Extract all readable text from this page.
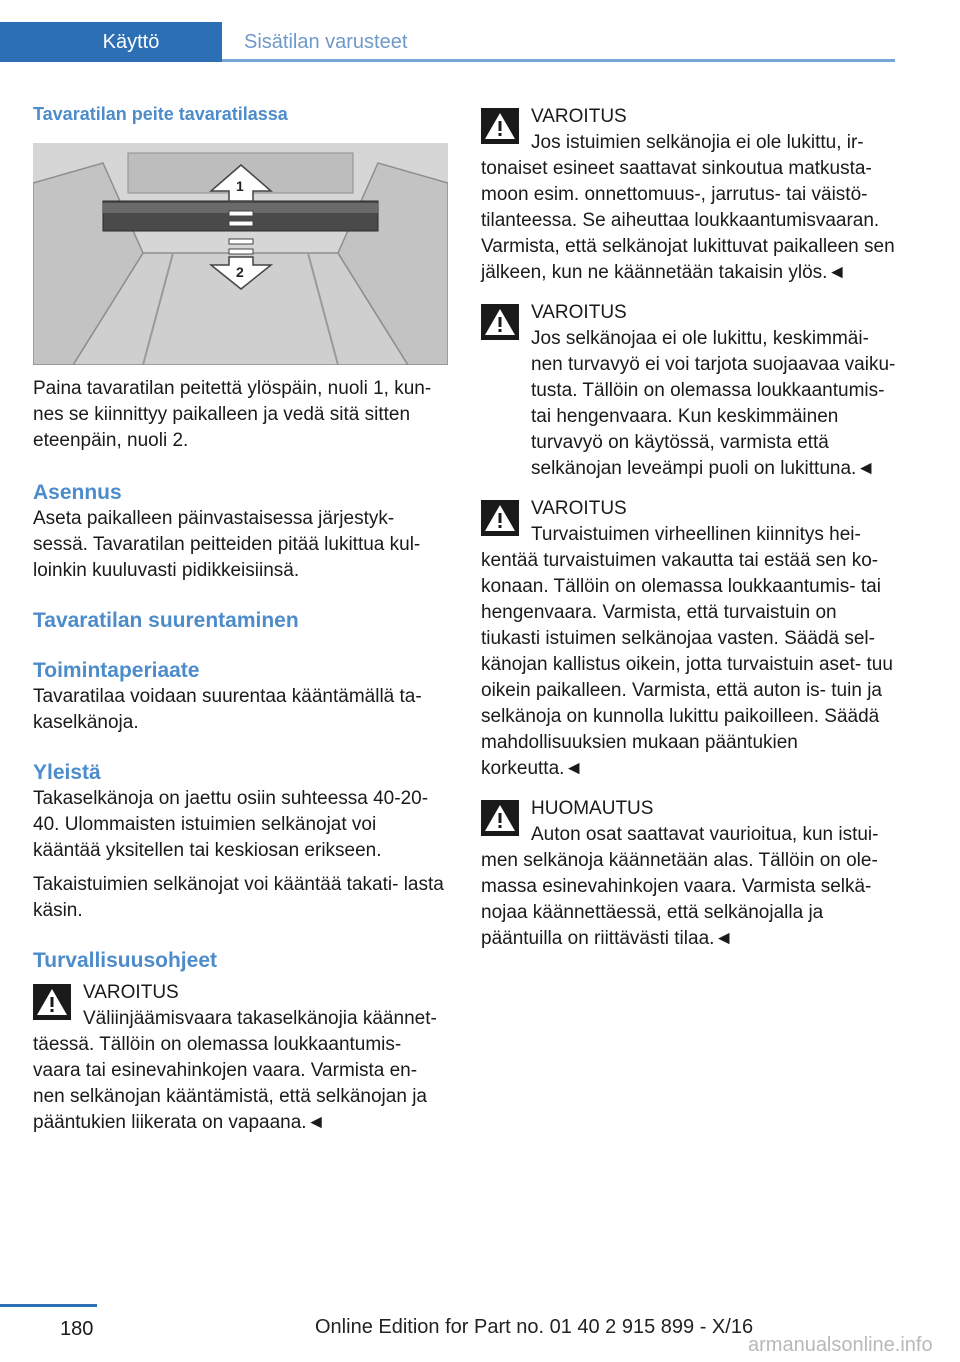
Käyttö	Sisätilan varusteet
Tavaratilan peite tavaratilassa
1
2

Paina tavaratilan peitettä ylöspäin, nuoli 1, kun‐ nes se kiinnittyy paikalleen ja vedä sitä sitten eteenpäin, nuoli 2.

Asennus

Aseta paikalleen päinvastaisessa järjestyk‐ sessä. Tavaratilan peitteiden pitää lukittua kul‐ loinkin kuuluvasti pidikkeisiinsä.

Tavaratilan suurentaminen
Toimintaperiaate

Tavaratilaa voidaan suurentaa kääntämällä ta‐ kaselkänoja.

Yleistä

Takaselkänoja on jaettu osiin suhteessa 40-20-40. Ulommaisten istuimien selkänojat voi kääntää yksitellen tai keskiosan erikseen.

Takaistuimien selkänojat voi kääntää takati‐ lasta käsin.

Turvallisuusohjeet
VAROITUS

Väliinjäämisvaara takaselkänojia käännet‐ täessä. Tällöin on olemassa loukkaantumis‐ vaara tai esinevahinkojen vaara. Varmista en‐ nen selkänojan kääntämistä, että selkänojan ja pääntukien liikerata on vapaana.◄

VAROITUS

Jos istuimien selkänojia ei ole lukittu, ir‐ tonaiset esineet saattavat sinkoutua matkusta‐ moon esim. onnettomuus-, jarrutus- tai väistö‐ tilanteessa. Se aiheuttaa loukkaantumisvaaran. Varmista, että selkänojat lukittuvat paikalleen sen jälkeen, kun ne käännetään takaisin ylös.◄

VAROITUS

Jos selkänojaa ei ole lukittu, keskimmäi‐ nen turvavyö ei voi tarjota suojaavaa vaiku‐ tusta. Tällöin on olemassa loukkaantumis- tai hengenvaara. Kun keskimmäinen turvavyö on käytössä, varmista että selkänojan leveämpi puoli on lukittuna.◄

VAROITUS

Turvaistuimen virheellinen kiinnitys hei‐ kentää turvaistuimen vakautta tai estää sen ko‐ konaan. Tällöin on olemassa loukkaantumis- tai hengenvaara. Varmista, että turvaistuin on tiukasti istuimen selkänojaa vasten. Säädä sel‐ känojan kallistus oikein, jotta turvaistuin aset‐ tuu oikein paikalleen. Varmista, että auton is‐ tuin ja selkänoja on kunnolla lukittu paikoilleen. Säädä mahdollisuuksien mukaan pääntukien korkeutta.◄

HUOMAUTUS

Auton osat saattavat vaurioitua, kun istui‐ men selkänoja käännetään alas. Tällöin on ole‐ massa esinevahinkojen vaara. Varmista selkä‐ nojaa käännettäessä, että selkänojalla ja pääntuilla on riittävästi tilaa.◄

180	Online Edition for Part no. 01 40 2 915 899 - X/16
armanualsonline.info
